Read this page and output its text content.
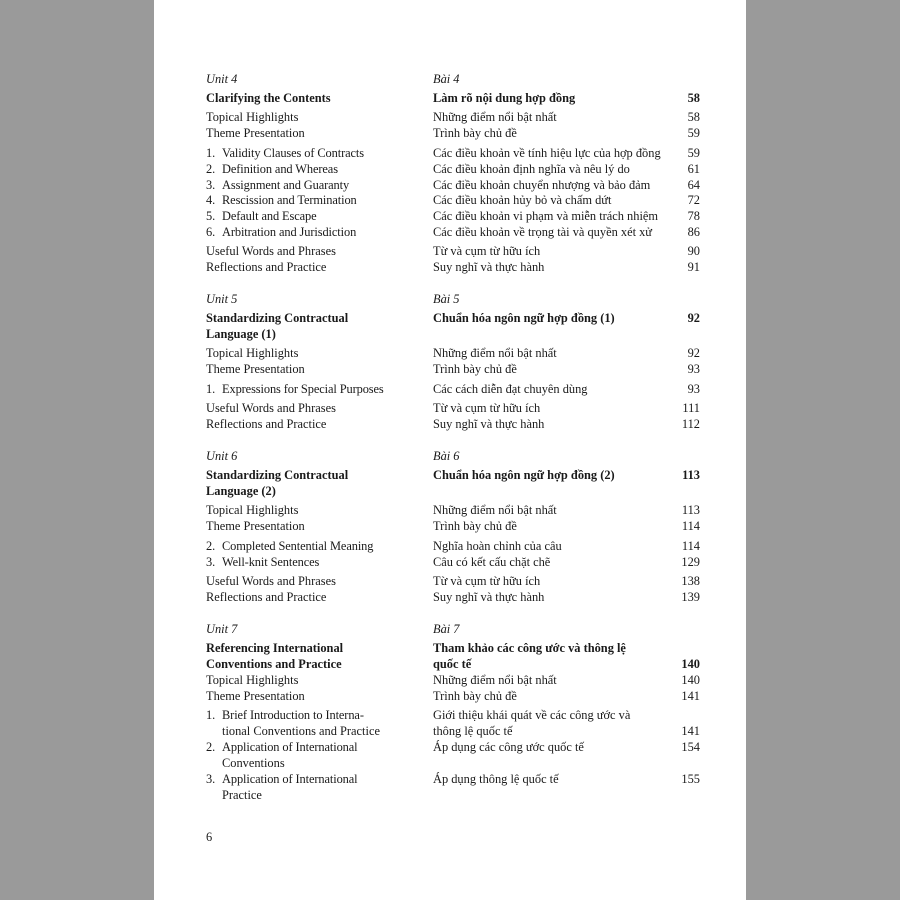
Unit 4	Bài 4
Clarifying the Contents	Làm rõ nội dung hợp đồng	58
Topical Highlights	Những điểm nổi bật nhất	58
Theme Presentation	Trình bày chủ đề	59
1. Validity Clauses of Contracts	Các điều khoản về tính hiệu lực của hợp đồng	59
2. Definition and Whereas	Các điều khoản định nghĩa và nêu lý do	61
3. Assignment and Guaranty	Các điều khoản chuyển nhượng và bảo đảm	64
4. Rescission and Termination	Các điều khoản hủy bỏ và chấm dứt	72
5. Default and Escape	Các điều khoản vi phạm và miễn trách nhiệm	78
6. Arbitration and Jurisdiction	Các điều khoản về trọng tài và quyền xét xử	86
Useful Words and Phrases	Từ và cụm từ hữu ích	90
Reflections and Practice	Suy nghĩ và thực hành	91
Unit 5	Bài 5
Standardizing Contractual	Chuẩn hóa ngôn ngữ hợp đồng (1)	92
Language (1)
Topical Highlights	Những điểm nổi bật nhất	92
Theme Presentation	Trình bày chủ đề	93
1. Expressions for Special Purposes	Các cách diễn đạt chuyên dùng	93
Useful Words and Phrases	Từ và cụm từ hữu ích	111
Reflections and Practice	Suy nghĩ và thực hành	112
Unit 6	Bài 6
Standardizing Contractual	Chuẩn hóa ngôn ngữ hợp đồng (2)	113
Language (2)
Topical Highlights	Những điểm nổi bật nhất	113
Theme Presentation	Trình bày chủ đề	114
2. Completed Sentential Meaning	Nghĩa hoàn chỉnh của câu	114
3. Well-knit Sentences	Câu có kết cấu chặt chẽ	129
Useful Words and Phrases	Từ và cụm từ hữu ích	138
Reflections and Practice	Suy nghĩ và thực hành	139
Unit 7	Bài 7
Referencing International	Tham khảo các công ước và thông lệ
Conventions and Practice	quốc tế	140
Topical Highlights	Những điểm nổi bật nhất	140
Theme Presentation	Trình bày chủ đề	141
1. Brief Introduction to Interna-	Giới thiệu khái quát về các công ước và
tional Conventions and Practice	thông lệ quốc tế	141
2. Application of International	Áp dụng các công ước quốc tế	154
Conventions
3. Application of International	Áp dụng thông lệ quốc tế	155
Practice
6
